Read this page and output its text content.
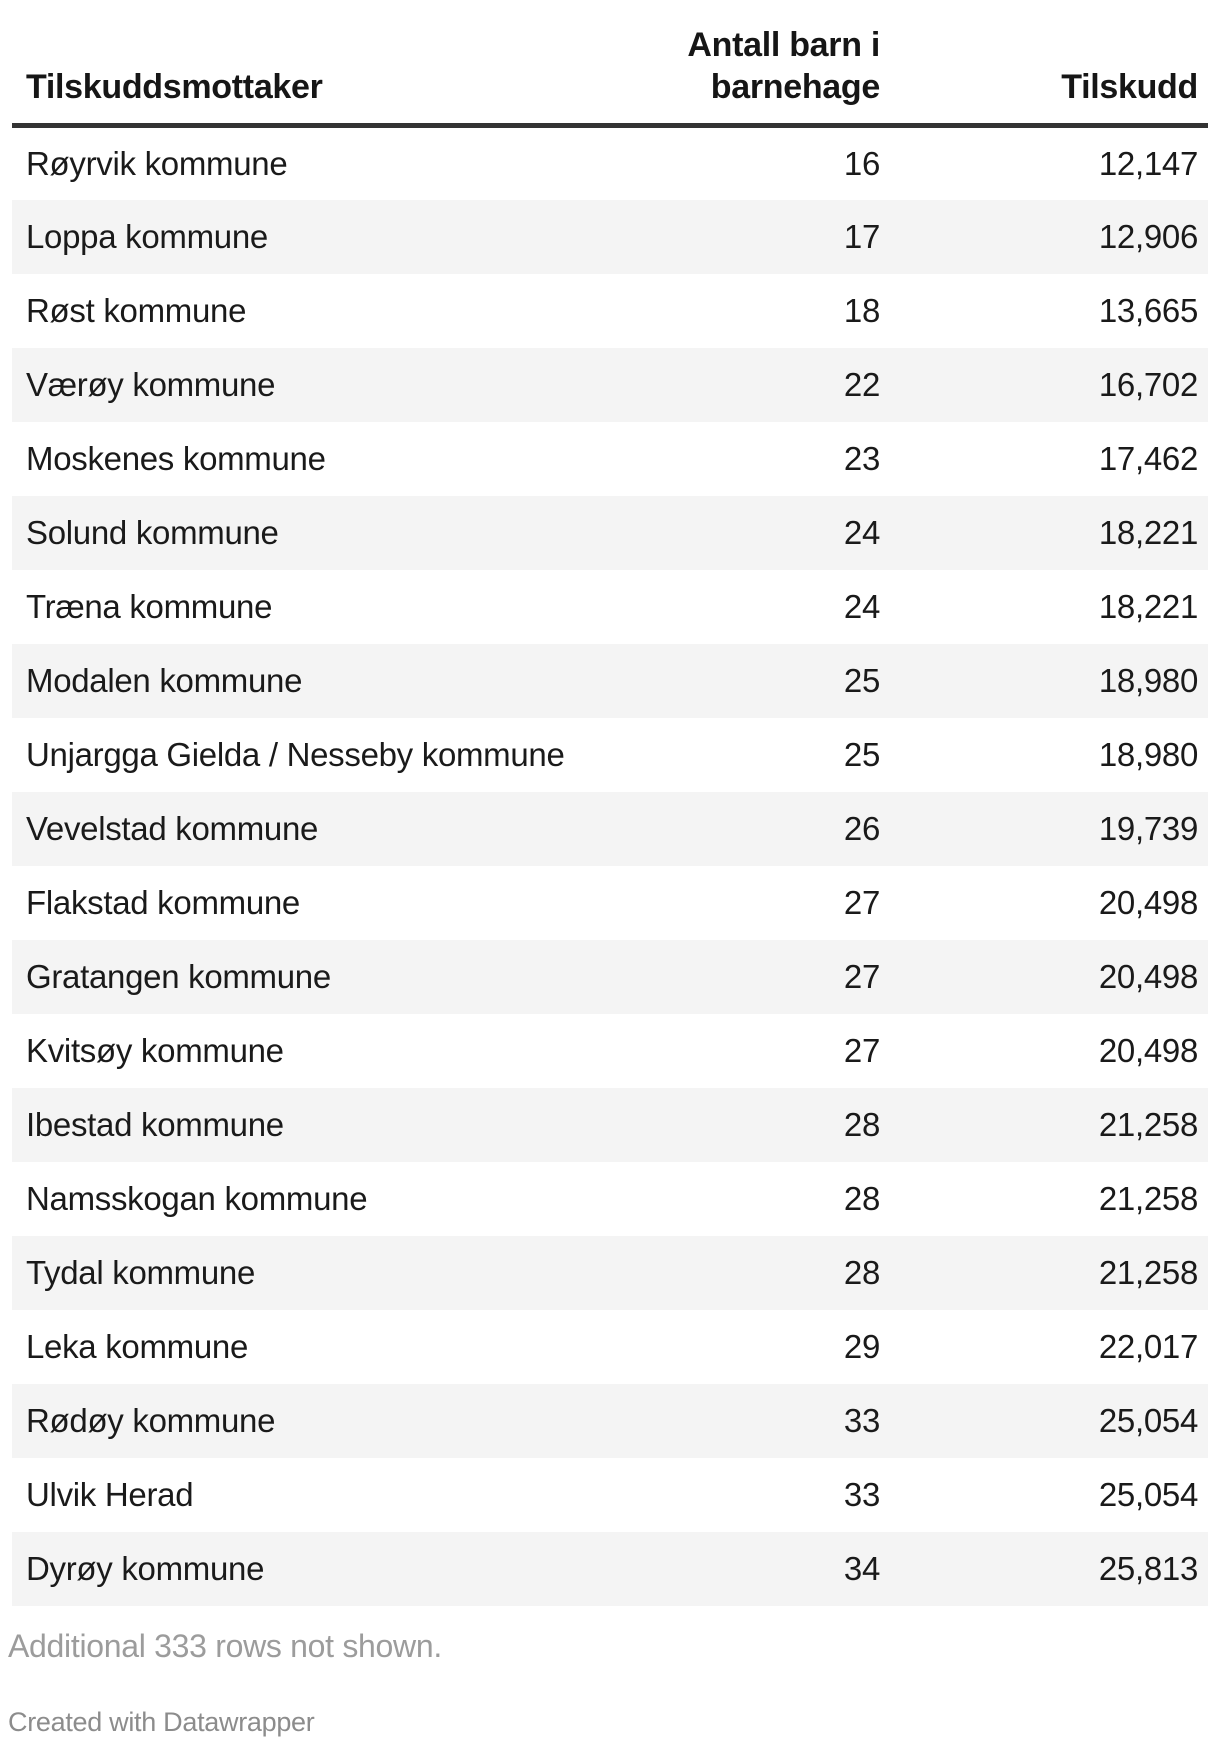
Tilskuddsmottaker	Antall barn i barnehage	Tilskudd
Røyrvik kommune	16	12,147
Loppa kommune	17	12,906
Røst kommune	18	13,665
Værøy kommune	22	16,702
Moskenes kommune	23	17,462
Solund kommune	24	18,221
Træna kommune	24	18,221
Modalen kommune	25	18,980
Unjargga Gielda / Nesseby kommune	25	18,980
Vevelstad kommune	26	19,739
Flakstad kommune	27	20,498
Gratangen kommune	27	20,498
Kvitsøy kommune	27	20,498
Ibestad kommune	28	21,258
Namsskogan kommune	28	21,258
Tydal kommune	28	21,258
Leka kommune	29	22,017
Rødøy kommune	33	25,054
Ulvik Herad	33	25,054
Dyrøy kommune	34	25,813
Additional 333 rows not shown.
Created with Datawrapper
